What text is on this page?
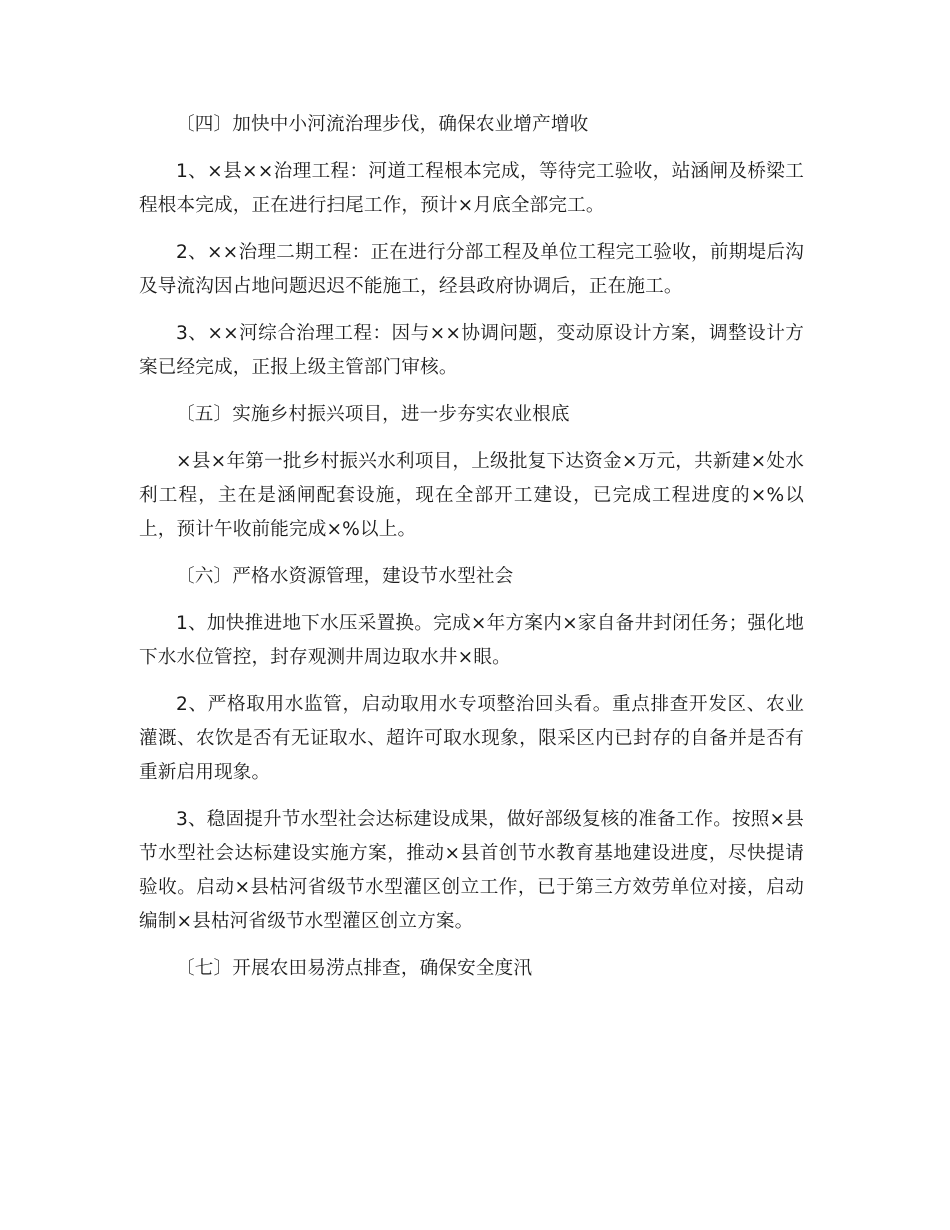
〔四〕加快中小河流治理步伐，确保农业增产增收

1、×县××治理工程：河道工程根本完成，等待完工验收，站涵闸及桥梁工程根本完成，正在进行扫尾工作，预计×月底全部完工。

2、××治理二期工程：正在进行分部工程及单位工程完工验收，前期堤后沟及导流沟因占地问题迟迟不能施工，经县政府协调后，正在施工。

3、××河综合治理工程：因与××协调问题，变动原设计方案，调整设计方案已经完成，正报上级主管部门审核。

〔五〕实施乡村振兴项目，进一步夯实农业根底

×县×年第一批乡村振兴水利项目，上级批复下达资金×万元，共新建×处水利工程，主在是涵闸配套设施，现在全部开工建设，已完成工程进度的×%以上，预计午收前能完成×%以上。

〔六〕严格水资源管理，建设节水型社会

1、加快推进地下水压采置换。完成×年方案内×家自备井封闭任务；强化地下水水位管控，封存观测井周边取水井×眼。

2、严格取用水监管，启动取用水专项整治回头看。重点排查开发区、农业灌溉、农饮是否有无证取水、超许可取水现象，限采区内已封存的自备并是否有重新启用现象。

3、稳固提升节水型社会达标建设成果，做好部级复核的准备工作。按照×县节水型社会达标建设实施方案，推动×县首创节水教育基地建设进度，尽快提请验收。启动×县枯河省级节水型灌区创立工作，已于第三方效劳单位对接，启动编制×县枯河省级节水型灌区创立方案。

〔七〕开展农田易涝点排查，确保安全度汛
